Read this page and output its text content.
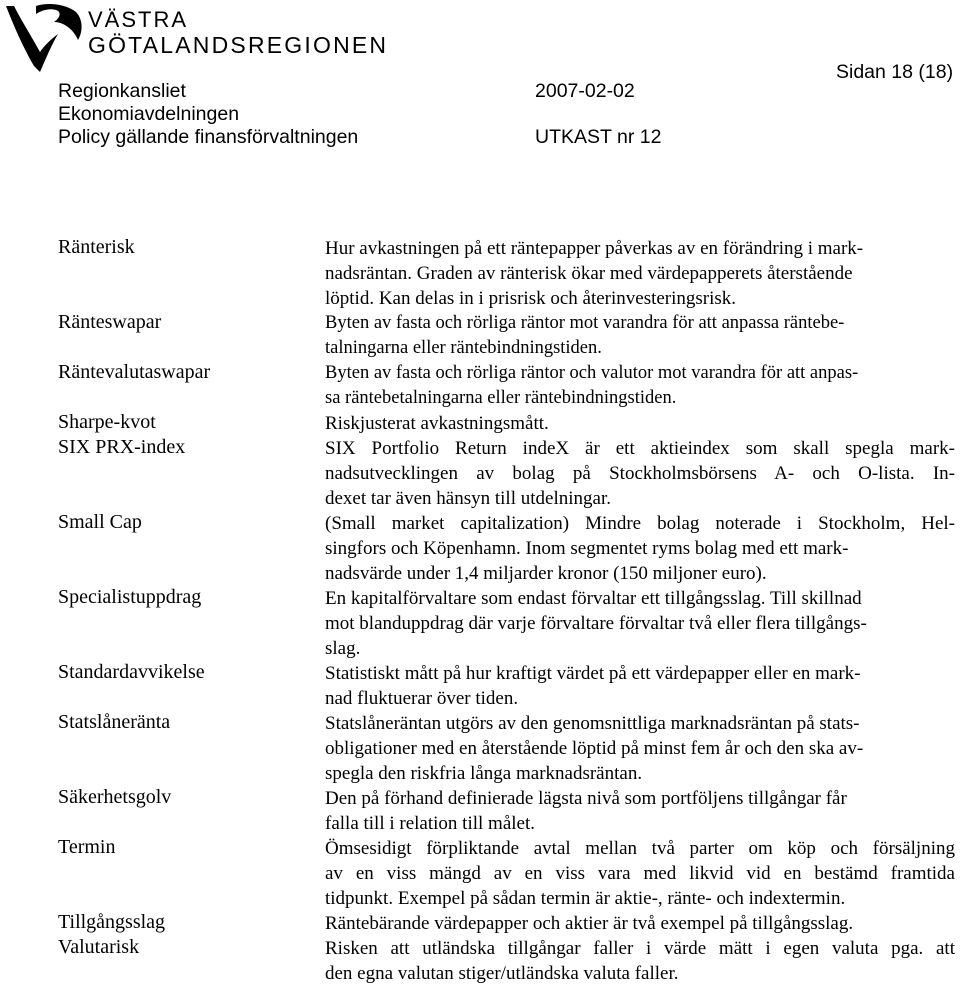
VÄSTRA
GÖTALANDSREGIONEN
Regionkansliet
Ekonomiavdelningen
Policy gällande finansförvaltningen
2007-02-02
UTKAST nr 12
Sidan 18 (18)
Ränterisk	Hur avkastningen på ett räntepapper påverkas av en förändring i mark-
nadsräntan. Graden av ränterisk ökar med värdepapperets återstående
löptid. Kan delas in i prisrisk och återinvesteringsrisk.
Ränteswapar	Byten av fasta och rörliga räntor mot varandra för att anpassa räntebe-
talningarna eller räntebindningstiden.
Räntevalutaswapar	Byten av fasta och rörliga räntor och valutor mot varandra för att anpas-
sa räntebetalningarna eller räntebindningstiden.
Sharpe-kvot	Riskjusterat avkastningsmått.
SIX PRX-index	SIX Portfolio Return indeX är ett aktieindex som skall spegla mark-
nadsutvecklingen av bolag på Stockholmsbörsens A- och O-lista. In-
dexet tar även hänsyn till utdelningar.
Small Cap	(Small market capitalization) Mindre bolag noterade i Stockholm, Hel-
singfors och Köpenhamn. Inom segmentet ryms bolag med ett mark-
nadsvärde under 1,4 miljarder kronor (150 miljoner euro).
Specialistuppdrag	En kapitalförvaltare som endast förvaltar ett tillgångsslag. Till skillnad
mot blanduppdrag där varje förvaltare förvaltar två eller flera tillgångs-
slag.
Standardavvikelse	Statistiskt mått på hur kraftigt värdet på ett värdepapper eller en mark-
nad fluktuerar över tiden.
Statslåneränta	Statslåneräntan utgörs av den genomsnittliga marknadsräntan på stats-
obligationer med en återstående löptid på minst fem år och den ska av-
spegla den riskfria långa marknadsräntan.
Säkerhetsgolv	Den på förhand definierade lägsta nivå som portföljens tillgångar får
falla till i relation till målet.
Termin	Ömsesidigt förpliktande avtal mellan två parter om köp och försäljning
av en viss mängd av en viss vara med likvid vid en bestämd framtida
tidpunkt. Exempel på sådan termin är aktie-, ränte- och indextermin.
Tillgångsslag	Räntebärande värdepapper och aktier är två exempel på tillgångsslag.
Valutarisk	Risken att utländska tillgångar faller i värde mätt i egen valuta pga. att
den egna valutan stiger/utländska valuta faller.
